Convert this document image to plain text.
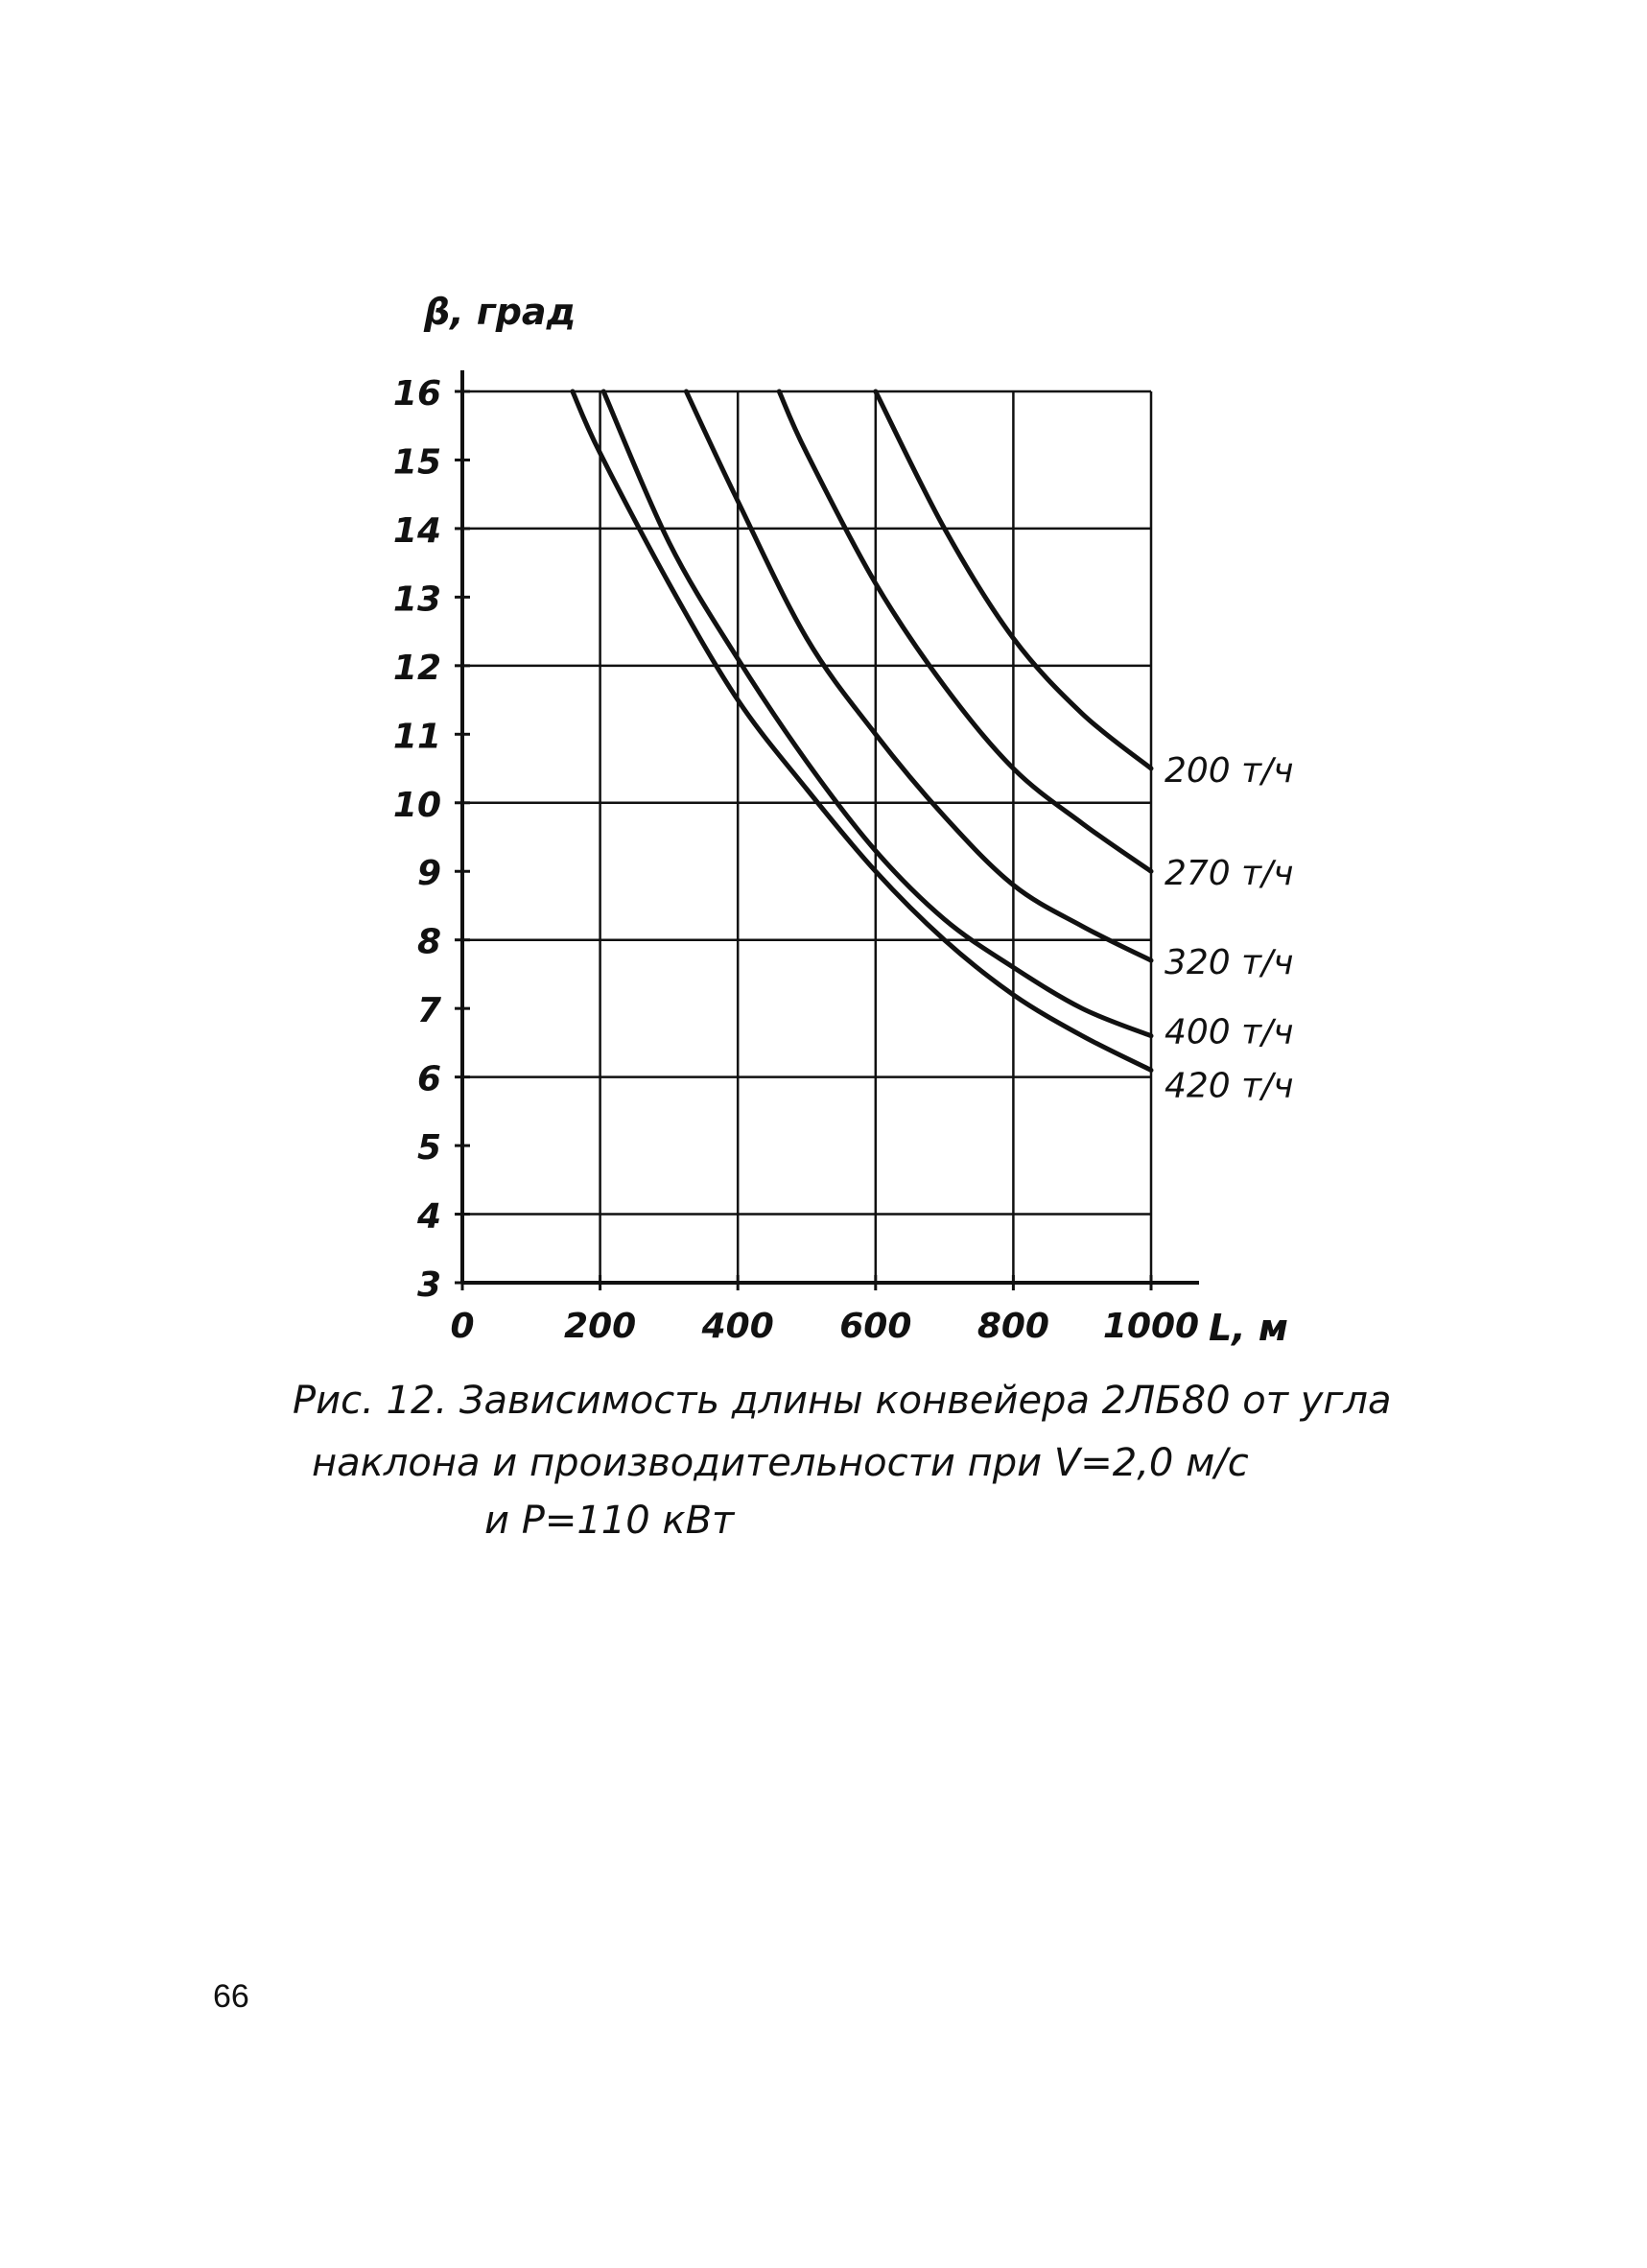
3
4
5
6
7
8
9
10
11
12
13
14
15
16
0	200 400 600 800 1000
β, град
L, м
200 т/ч
270 т/ч
320 т/ч
400 т/ч
420 т/ч
Рис. 12. Зависимость длины конвейера 2ЛБ80 от угла
наклона и производительности при V=2,0 м/с
и Р=110 кВт
66
